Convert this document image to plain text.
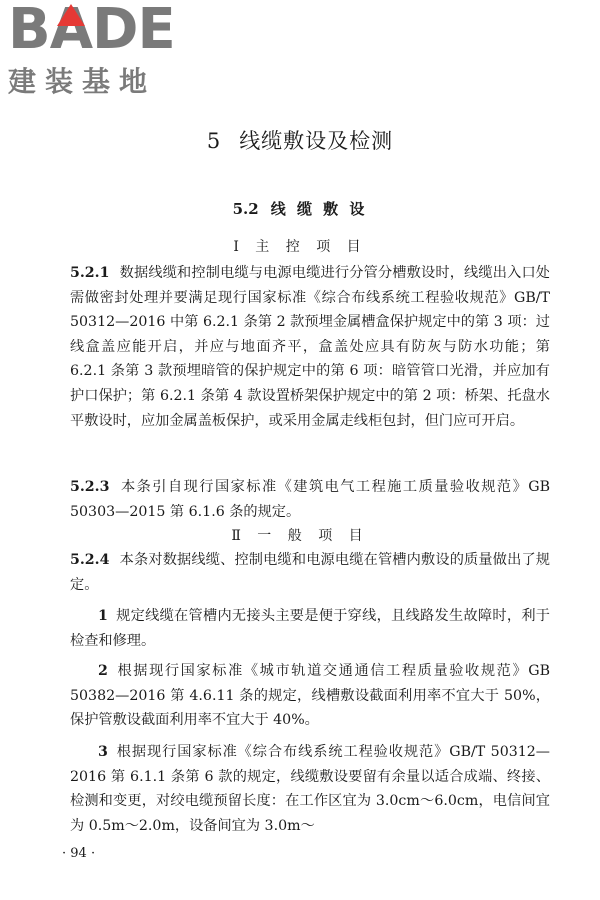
B A DE
建装基地
5 线缆敷设及检测
5.2 线 缆 敷 设
Ⅰ 主 控 项 目
5.2.1 数据线缆和控制电缆与电源电缆进行分管分槽敷设时，线缆出入口处需做密封处理并要满足现行国家标准《综合布线系统工程验收规范》GB/T 50312—2016 中第 6.2.1 条第 2 款预埋金属槽盒保护规定中的第 3 项：过线盒盖应能开启，并应与地面齐平，盒盖处应具有防灰与防水功能；第 6.2.1 条第 3 款预埋暗管的保护规定中的第 6 项：暗管管口光滑，并应加有护口保护；第 6.2.1 条第 4 款设置桥架保护规定中的第 2 项：桥架、托盘水平敷设时，应加金属盖板保护，或采用金属走线柜包封，但门应可开启。
5.2.3 本条引自现行国家标准《建筑电气工程施工质量验收规范》GB 50303—2015 第 6.1.6 条的规定。
Ⅱ 一 般 项 目
5.2.4 本条对数据线缆、控制电缆和电源电缆在管槽内敷设的质量做出了规定。
1 规定线缆在管槽内无接头主要是便于穿线，且线路发生故障时，利于检查和修理。
2 根据现行国家标准《城市轨道交通通信工程质量验收规范》GB 50382—2016 第 4.6.11 条的规定，线槽敷设截面利用率不宜大于 50%，保护管敷设截面利用率不宜大于 40%。
3 根据现行国家标准《综合布线系统工程验收规范》GB/T 50312—2016 第 6.1.1 条第 6 款的规定，线缆敷设要留有余量以适合成端、终接、检测和变更，对绞电缆预留长度：在工作区宜为 3.0cm～6.0cm，电信间宜为 0.5m～2.0m，设备间宜为 3.0m～
· 94 ·
